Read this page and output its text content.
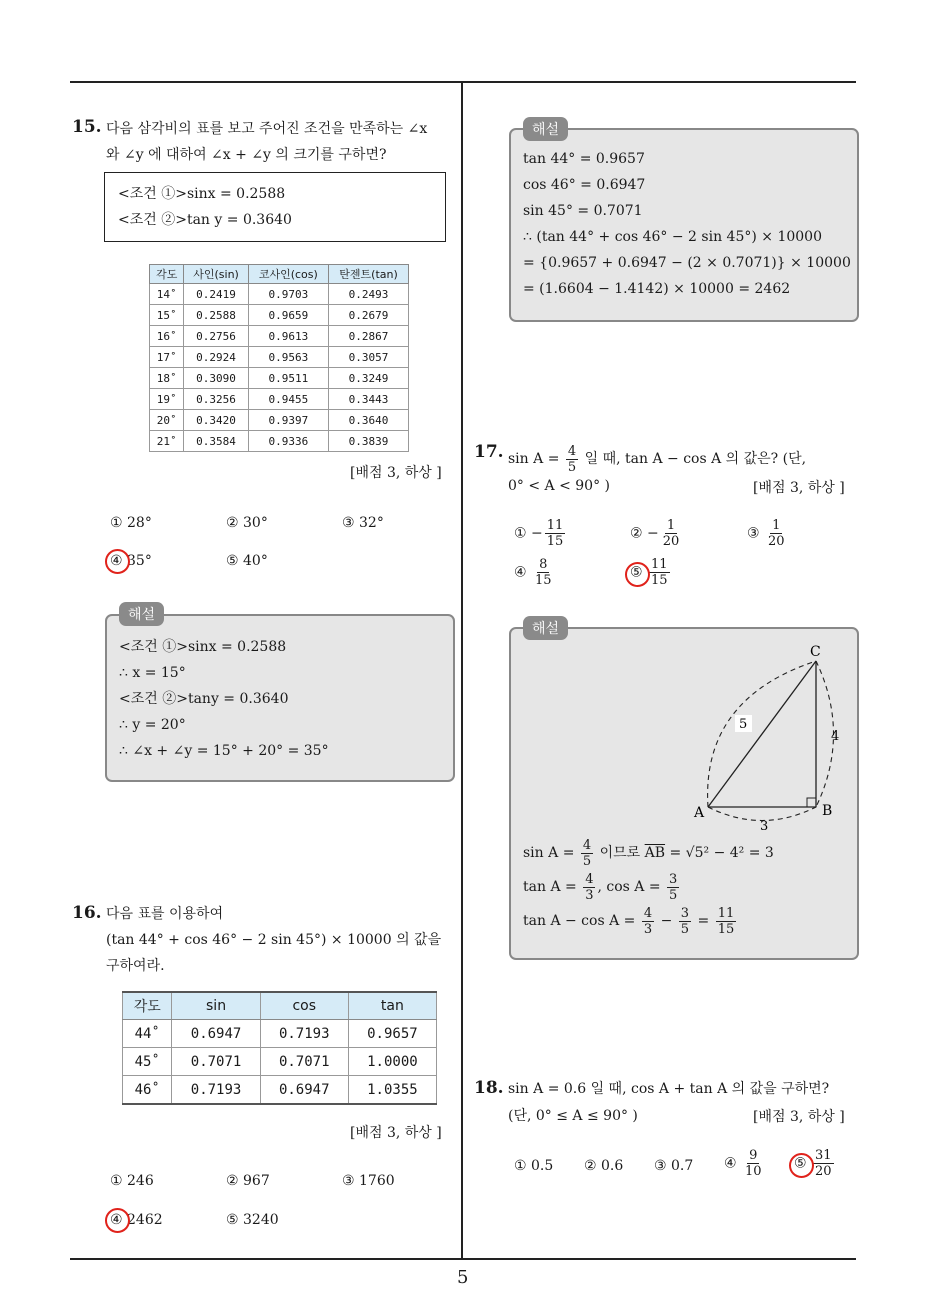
5
15. 다음 삼각비의 표를 보고 주어진 조건을 만족하는 ∠x
와 ∠y 에 대하여 ∠x + ∠y 의 크기를 구하면?
<조건 ①>sinx = 0.2588
<조건 ②>tan y = 0.3640
각도	사인(sin)	코사인(cos)	탄젠트(tan)
14˚	0.2419	0.9703	0.2493
15˚	0.2588	0.9659	0.2679
16˚	0.2756	0.9613	0.2867
17˚	0.2924	0.9563	0.3057
18˚	0.3090	0.9511	0.3249
19˚	0.3256	0.9455	0.3443
20˚	0.3420	0.9397	0.3640
21˚	0.3584	0.9336	0.3839
[배점 3, 하상 ]
① 28°	② 30°	③ 32°
④ 35°	⑤ 40°
<조건 ①>sinx = 0.2588
∴ x = 15°
<조건 ②>tany = 0.3640
∴ y = 20°
∴ ∠x + ∠y = 15° + 20° = 35°
해설
16. 다음 표를 이용하여
(tan 44° + cos 46° − 2 sin 45°) × 10000 의 값을
구하여라.
각도	sin	cos	tan
44˚	0.6947	0.7193	0.9657
45˚	0.7071	0.7071	1.0000
46˚	0.7193	0.6947	1.0355
[배점 3, 하상 ]
① 246	② 967	③ 1760
④ 2462	⑤ 3240
tan 44° = 0.9657
cos 46° = 0.6947
sin 45° = 0.7071
∴ (tan 44° + cos 46° − 2 sin 45°) × 10000
= {0.9657 + 0.6947 − (2 × 0.7071)} × 10000
= (1.6604 − 1.4142) × 10000 = 2462
해설
17. $\sin A = \frac{4}{5}$ 일 때, tan A − cos A 의 값은? (단,
0° < A < 90° )	[배점 3, 하상 ]
① − $\frac{11}{15}$	② − $\frac{1}{20}$	③ $\frac{1}{20}$
④ $\frac{8}{15}$	⑤ $\frac{11}{15}$
A	B
C
5
4
3
$\sin A = \frac{4}{5}$ 이므로 $\overline{AB} = √5^2 - 4^2 = 3$
$\tan A = \frac{4}{3}$ , $\cos A = \frac{3}{5}$
$\tan A - \cos A = \frac{4}{3} - \frac{3}{5} = \frac{11}{15}$
해설
18. sin A = 0.6 일 때, cos A + tan A 의 값을 구하면?
(단, 0° ≤ A ≤ 90° )	[배점 3, 하상 ]
① 0.5 ② 0.6 ③ 0.7 ④ $\frac{9}{10}$ ⑤ $\frac{31}{20}$
